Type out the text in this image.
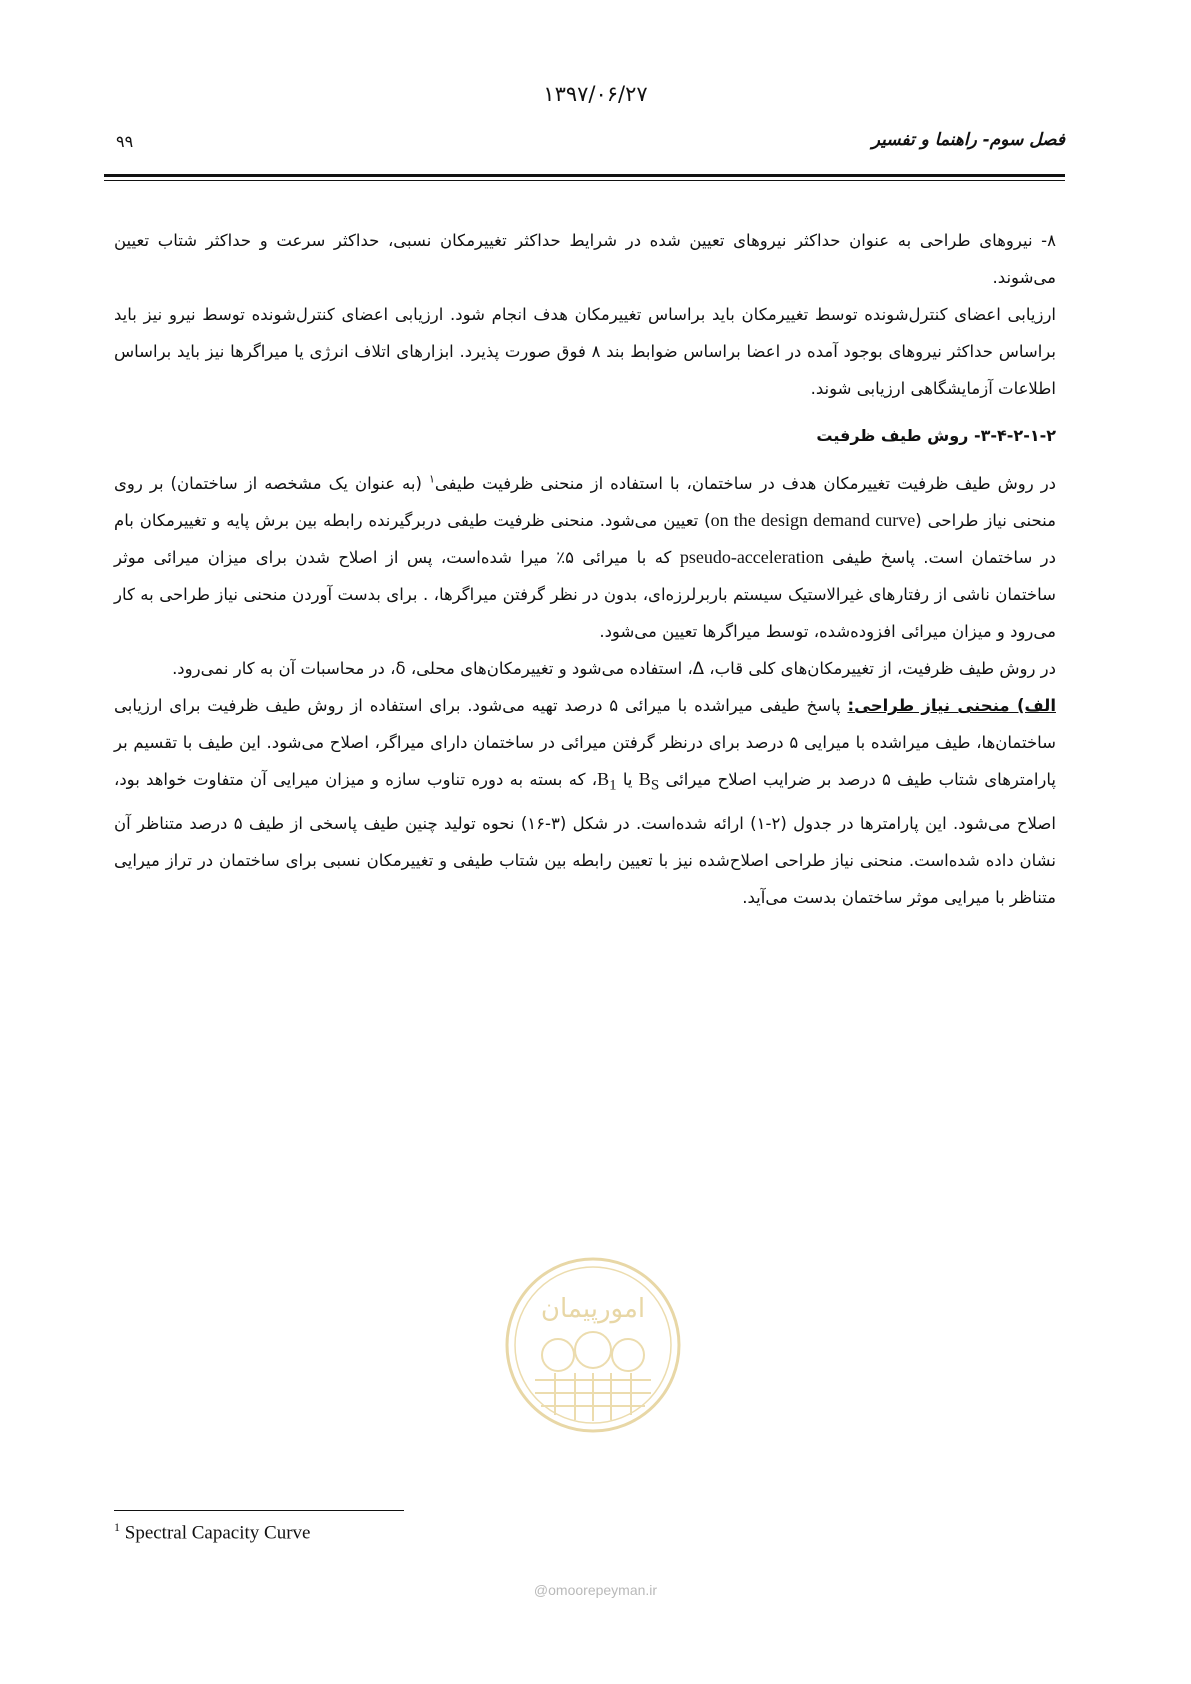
۱۳۹۷/۰۶/۲۷
فصل سوم- راهنما و تفسیر
۹۹

۸- نیروهای طراحی به عنوان حداکثر نیروهای تعیین شده در شرایط حداکثر تغییرمکان نسبی، حداکثر سرعت و حداکثر شتاب تعیین می‌شوند.

ارزیابی اعضای کنترل‌شونده توسط تغییرمکان باید براساس تغییرمکان هدف انجام شود. ارزیابی اعضای کنترل‌شونده توسط نیرو نیز باید براساس حداکثر نیروهای بوجود آمده در اعضا براساس ضوابط بند ۸ فوق صورت پذیرد. ابزارهای اتلاف انرژی یا میراگرها نیز باید براساس اطلاعات آزمایشگاهی ارزیابی شوند.

۳-۴-۲-۱-۲- روش طیف ظرفیت

در روش طیف ظرفیت تغییرمکان هدف در ساختمان، با استفاده از منحنی ظرفیت طیفی$^۱$ (به عنوان یک مشخصه از ساختمان) بر روی منحنی نیاز طراحی (on the design demand curve) تعیین می‌شود. منحنی ظرفیت طیفی دربرگیرنده رابطه بین برش پایه و تغییرمکان بام در ساختمان است. پاسخ طیفی pseudo-acceleration که با میرائی ۵٪ میرا شده‌است، پس از اصلاح شدن برای میزان میرائی موثر ساختمان ناشی از رفتارهای غیرالاستیک سیستم باربرلرزه‌ای، بدون در نظر گرفتن میراگرها، . برای بدست آوردن منحنی نیاز طراحی به کار می‌رود و میزان میرائی افزوده‌شده، توسط میراگرها تعیین می‌شود.

در روش طیف ظرفیت، از تغییرمکان‌های کلی قاب، Δ، استفاده می‌شود و تغییرمکان‌های محلی، δ، در محاسبات آن به کار نمی‌رود.

الف) منحنی نیاز طراحی: پاسخ طیفی میراشده با میرائی ۵ درصد تهیه می‌شود. برای استفاده از روش طیف ظرفیت برای ارزیابی ساختمان‌ها، طیف میراشده با میرایی ۵ درصد برای درنظر گرفتن میرائی در ساختمان دارای میراگر، اصلاح می‌شود. این طیف با تقسیم بر پارامترهای شتاب طیف ۵ درصد بر ضرایب اصلاح میرائی $B_S$ یا $B_1،$ که بسته به دوره تناوب سازه و میزان میرایی آن متفاوت خواهد بود، اصلاح می‌شود. این پارامترها در جدول (۲-۱) ارائه شده‌است. در شکل (۳-۱۶) نحوه تولید چنین طیف پاسخی از طیف ۵ درصد متناظر آن نشان داده شده‌است. منحنی نیاز طراحی اصلاح‌شده نیز با تعیین رابطه بین شتاب طیفی و تغییرمکان نسبی برای ساختمان در تراز میرایی متناظر با میرایی موثر ساختمان بدست می‌آید.

$^1$ Spectral Capacity Curve
امورپیمان
@omoorepeyman.ir
